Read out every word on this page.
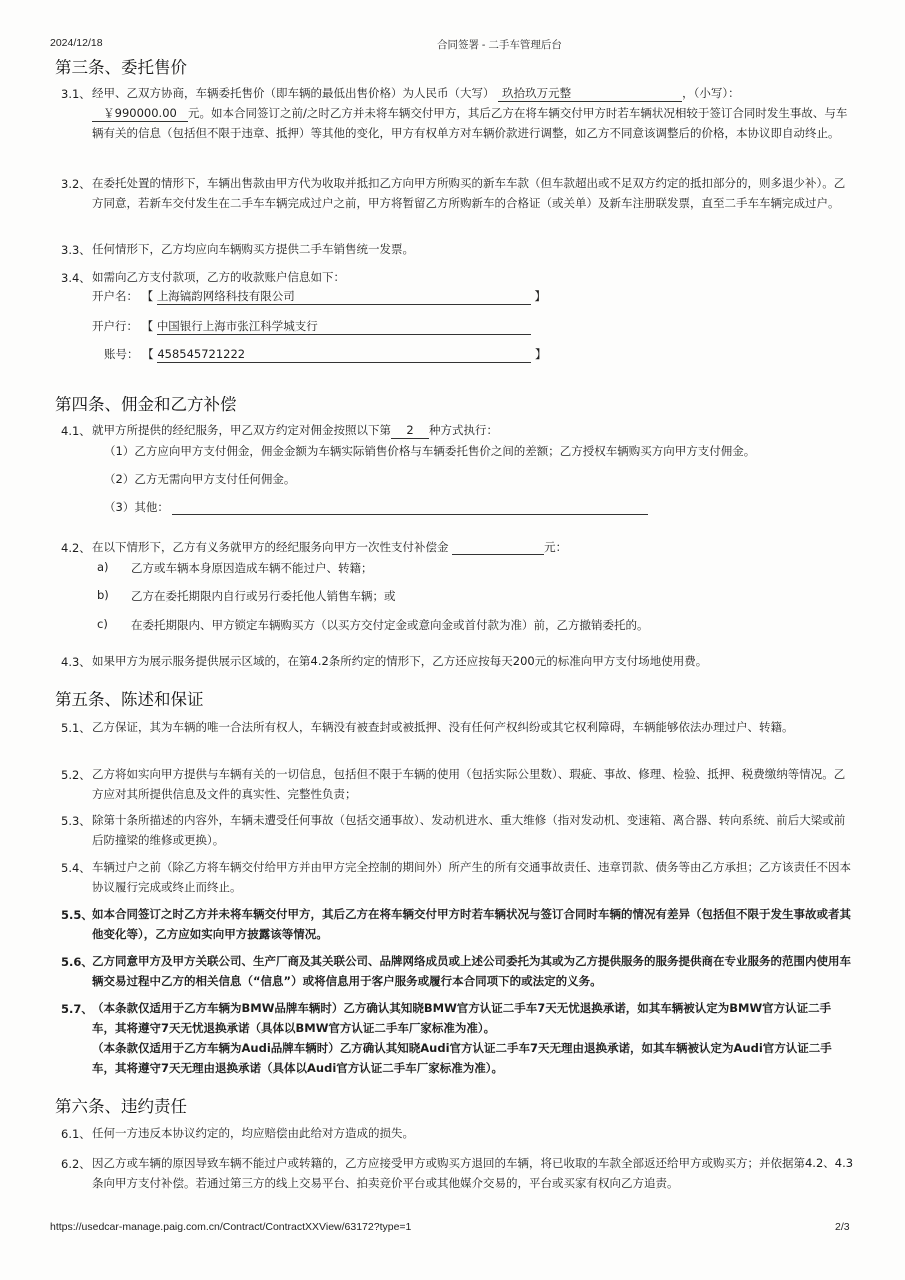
2024/12/18	合同签署 - 二手车管理后台
第三条、委托售价
3.1、 经甲、乙双方协商，车辆委托售价（即车辆的最低出售价格）为人民币（大写） 玖拾玖万元整	，（小写）：
￥990000.00 元。如本合同签订之前/之时乙方并未将车辆交付甲方，其后乙方在将车辆交付甲方时若车辆状况相较于签订合同时发生事故、与车辆有关的信息（包括但不限于违章、抵押）等其他的变化，甲方有权单方对车辆价款进行调整，如乙方不同意该调整后的价格，本协议即自动终止。
3.2、 在委托处置的情形下，车辆出售款由甲方代为收取并抵扣乙方向甲方所购买的新车车款（但车款超出或不足双方约定的抵扣部分的，则多退少补）。乙方同意，若新车交付发生在二手车车辆完成过户之前，甲方将暂留乙方所购新车的合格证（或关单）及新车注册联发票，直至二手车车辆完成过户。
3.3、 任何情形下，乙方均应向车辆购买方提供二手车销售统一发票。
3.4、 如需向乙方支付款项，乙方的收款账户信息如下：
开户名： 【 上海镐韵网络科技有限公司	】
开户行： 【 中国银行上海市张江科学城支行
账号： 【 458545721222	】
第四条、佣金和乙方补偿
4.1、 就甲方所提供的经纪服务，甲乙双方约定对佣金按照以下第 2 种方式执行：
（1）乙方应向甲方支付佣金，佣金金额为车辆实际销售价格与车辆委托售价之间的差额；乙方授权车辆购买方向甲方支付佣金。
（2）乙方无需向甲方支付任何佣金。
（3）其他：
4.2、 在以下情形下，乙方有义务就甲方的经纪服务向甲方一次性支付补偿金	元：
a) 乙方或车辆本身原因造成车辆不能过户、转籍；
b) 乙方在委托期限内自行或另行委托他人销售车辆；或
c) 在委托期限内、甲方锁定车辆购买方（以买方交付定金或意向金或首付款为准）前，乙方撤销委托的。
4.3、 如果甲方为展示服务提供展示区域的，在第4.2条所约定的情形下，乙方还应按每天200元的标准向甲方支付场地使用费。
第五条、陈述和保证
5.1、 乙方保证，其为车辆的唯一合法所有权人，车辆没有被查封或被抵押、没有任何产权纠纷或其它权利障碍，车辆能够依法办理过户、转籍。
5.2、 乙方将如实向甲方提供与车辆有关的一切信息，包括但不限于车辆的使用（包括实际公里数）、瑕疵、事故、修理、检验、抵押、税费缴纳等情况。乙方应对其所提供信息及文件的真实性、完整性负责；
5.3、 除第十条所描述的内容外，车辆未遭受任何事故（包括交通事故）、发动机进水、重大维修（指对发动机、变速箱、离合器、转向系统、前后大梁或前后防撞梁的维修或更换）。
5.4、 车辆过户之前（除乙方将车辆交付给甲方并由甲方完全控制的期间外）所产生的所有交通事故责任、违章罚款、债务等由乙方承担；乙方该责任不因本协议履行完成或终止而终止。
5.5、 如本合同签订之时乙方并未将车辆交付甲方，其后乙方在将车辆交付甲方时若车辆状况与签订合同时车辆的情况有差异（包括但不限于发生事故或者其他变化等），乙方应如实向甲方披露该等情况。
5.6、 乙方同意甲方及甲方关联公司、生产厂商及其关联公司、品牌网络成员或上述公司委托为其或为乙方提供服务的服务提供商在专业服务的范围内使用车辆交易过程中乙方的相关信息（“信息”）或将信息用于客户服务或履行本合同项下的或法定的义务。
5.7、 （本条款仅适用于乙方车辆为BMW品牌车辆时）乙方确认其知晓BMW官方认证二手车7天无忧退换承诺，如其车辆被认定为BMW官方认证二手车，其将遵守7天无忧退换承诺（具体以BMW官方认证二手车厂家标准为准）。
（本条款仅适用于乙方车辆为Audi品牌车辆时）乙方确认其知晓Audi官方认证二手车7天无理由退换承诺，如其车辆被认定为Audi官方认证二手车，其将遵守7天无理由退换承诺（具体以Audi官方认证二手车厂家标准为准）。
第六条、违约责任
6.1、 任何一方违反本协议约定的，均应赔偿由此给对方造成的损失。
6.2、 因乙方或车辆的原因导致车辆不能过户或转籍的，乙方应接受甲方或购买方退回的车辆，将已收取的车款全部返还给甲方或购买方；并依据第4.2、4.3条向甲方支付补偿。若通过第三方的线上交易平台、拍卖竞价平台或其他媒介交易的，平台或买家有权向乙方追责。
https://usedcar-manage.paig.com.cn/Contract/ContractXXView/63172?type=1	2/3
